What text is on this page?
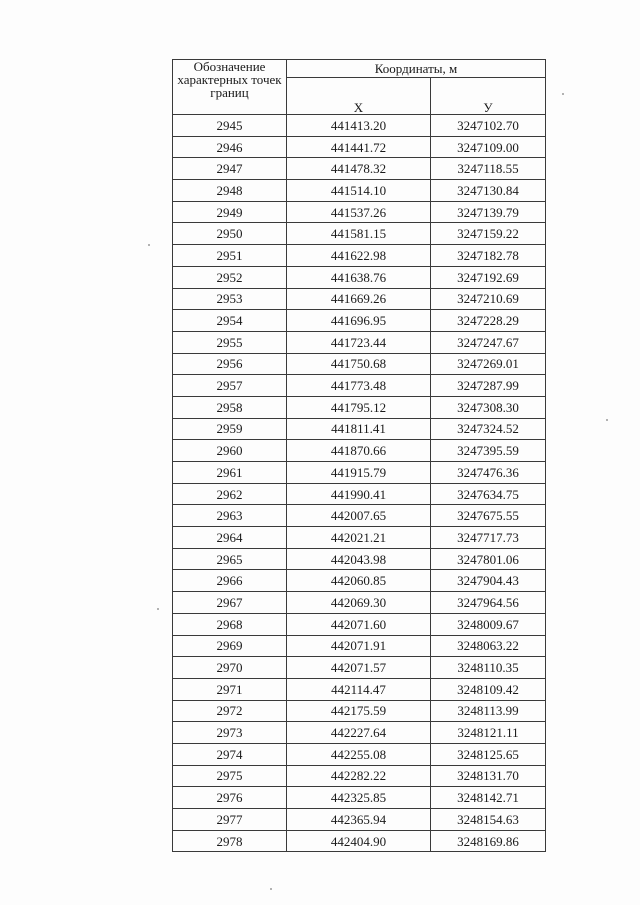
Обозначение характерных точек границ	Координаты, м	
	X	У
2945	441413.20	3247102.70
2946	441441.72	3247109.00
2947	441478.32	3247118.55
2948	441514.10	3247130.84
2949	441537.26	3247139.79
2950	441581.15	3247159.22
2951	441622.98	3247182.78
2952	441638.76	3247192.69
2953	441669.26	3247210.69
2954	441696.95	3247228.29
2955	441723.44	3247247.67
2956	441750.68	3247269.01
2957	441773.48	3247287.99
2958	441795.12	3247308.30
2959	441811.41	3247324.52
2960	441870.66	3247395.59
2961	441915.79	3247476.36
2962	441990.41	3247634.75
2963	442007.65	3247675.55
2964	442021.21	3247717.73
2965	442043.98	3247801.06
2966	442060.85	3247904.43
2967	442069.30	3247964.56
2968	442071.60	3248009.67
2969	442071.91	3248063.22
2970	442071.57	3248110.35
2971	442114.47	3248109.42
2972	442175.59	3248113.99
2973	442227.64	3248121.11
2974	442255.08	3248125.65
2975	442282.22	3248131.70
2976	442325.85	3248142.71
2977	442365.94	3248154.63
2978	442404.90	3248169.86
